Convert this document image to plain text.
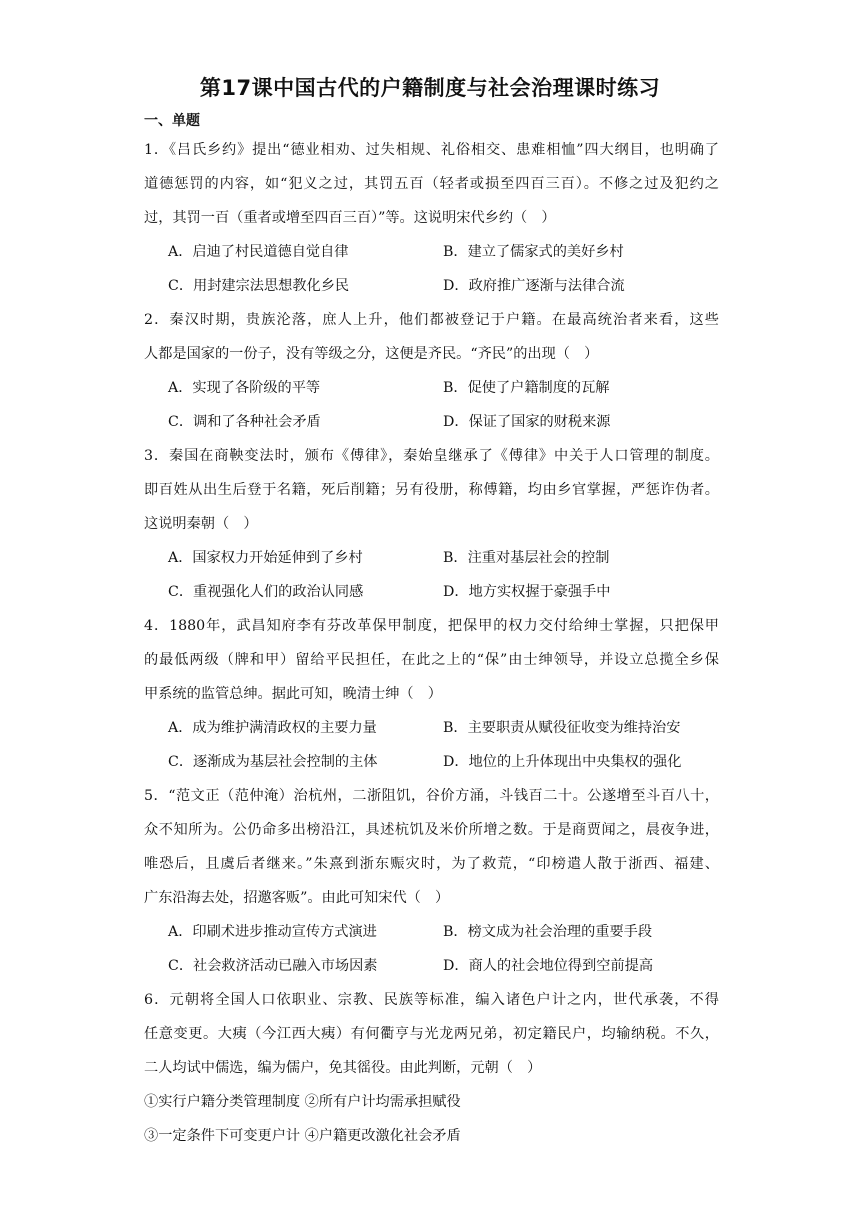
第17课中国古代的户籍制度与社会治理课时练习
一、单题
1．《吕氏乡约》提出“德业相劝、过失相规、礼俗相交、患难相恤”四大纲目，也明确了
道德惩罚的内容，如“犯义之过，其罚五百（轻者或损至四百三百）。不修之过及犯约之
过，其罚一百（重者或增至四百三百）”等。这说明宋代乡约（　）
A．启迪了村民道德自觉自律	B．建立了儒家式的美好乡村
C．用封建宗法思想教化乡民	D．政府推广逐渐与法律合流
2．秦汉时期，贵族沦落，庶人上升，他们都被登记于户籍。在最高统治者来看，这些
人都是国家的一份子，没有等级之分，这便是齐民。“齐民”的出现（　）
A．实现了各阶级的平等	B．促使了户籍制度的瓦解
C．调和了各种社会矛盾	D．保证了国家的财税来源
3．秦国在商鞅变法时，颁布《傅律》，秦始皇继承了《傅律》中关于人口管理的制度。
即百姓从出生后登于名籍，死后削籍；另有役册，称傅籍，均由乡官掌握，严惩诈伪者。
这说明秦朝（　）
A．国家权力开始延伸到了乡村	B．注重对基层社会的控制
C．重视强化人们的政治认同感	D．地方实权握于豪强手中
4．1880年，武昌知府李有芬改革保甲制度，把保甲的权力交付给绅士掌握，只把保甲
的最低两级（牌和甲）留给平民担任，在此之上的“保”由士绅领导，并设立总揽全乡保
甲系统的监管总绅。据此可知，晚清士绅（　）
A．成为维护满清政权的主要力量	B．主要职责从赋役征收变为维持治安
C．逐渐成为基层社会控制的主体	D．地位的上升体现出中央集权的强化
5．“范文正（范仲淹）治杭州，二浙阻饥，谷价方涌，斗钱百二十。公遂增至斗百八十，
众不知所为。公仍命多出榜沿江，具述杭饥及米价所增之数。于是商贾闻之，晨夜争进，
唯恐后，且虞后者继来。”朱熹到浙东赈灾时，为了救荒，“印榜遣人散于浙西、福建、
广东沿海去处，招邀客贩”。由此可知宋代（　）
A．印刷术进步推动宣传方式演进	B．榜文成为社会治理的重要手段
C．社会救济活动已融入市场因素	D．商人的社会地位得到空前提高
6．元朝将全国人口依职业、宗教、民族等标准，编入诸色户计之内，世代承袭，不得
任意变更。大痍（今江西大痍）有何衢亨与光龙两兄弟，初定籍民户，均输纳税。不久，
二人均试中儒选，编为儒户，免其徭役。由此判断，元朝（　）
①实行户籍分类管理制度 ②所有户计均需承担赋役
③一定条件下可变更户计 ④户籍更改激化社会矛盾
